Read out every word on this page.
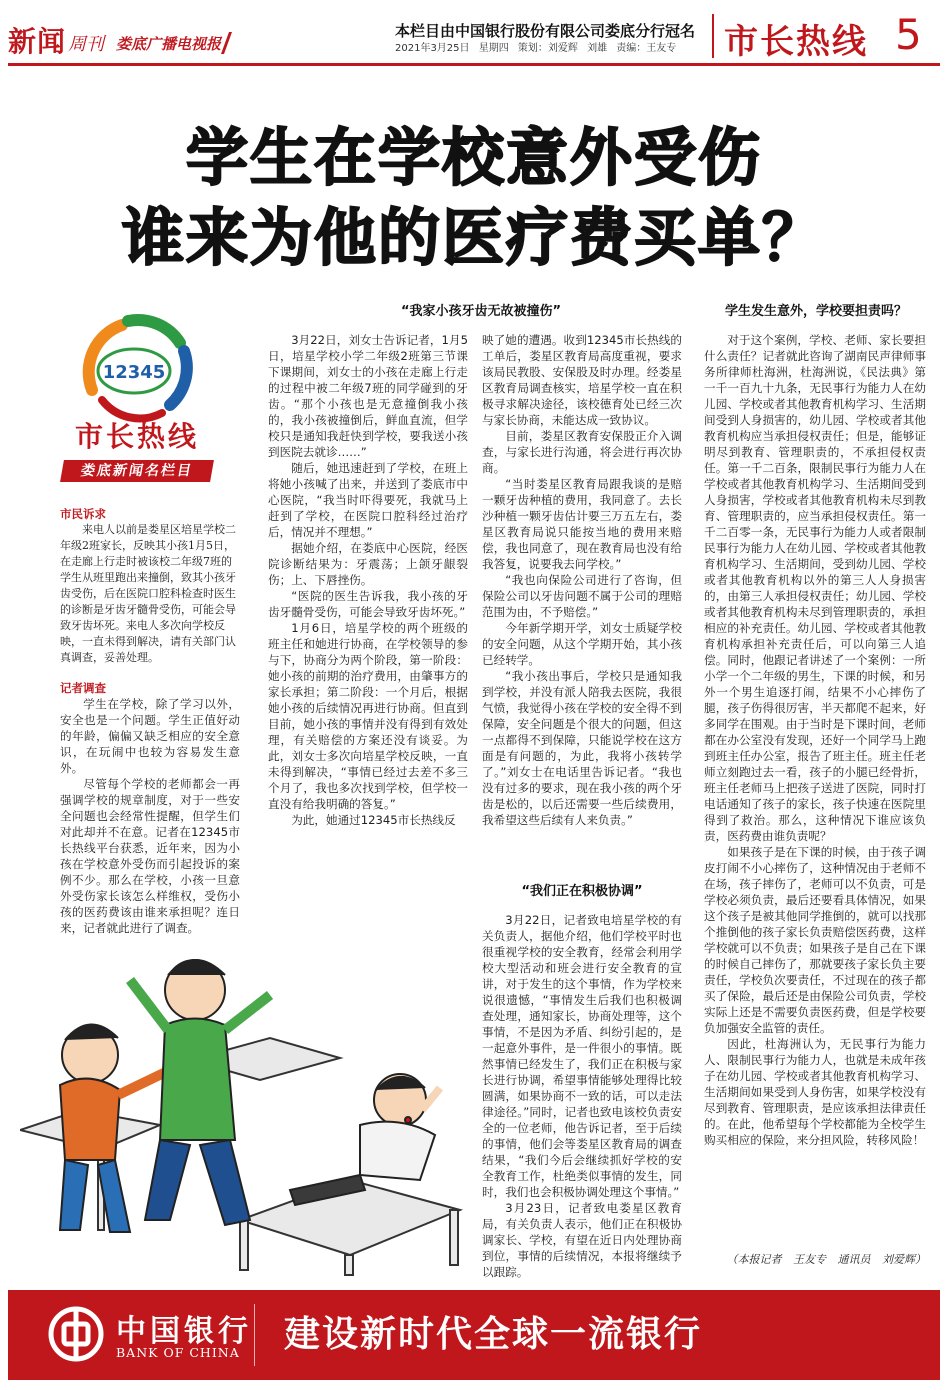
新闻 周刊 娄底广播电视报
本栏目由中国银行股份有限公司娄底分行冠名
2021年3月25日 星期四 策划：刘爱辉 刘雄 责编：王友专 市长热线 5
学生在学校意外受伤
谁来为他的医疗费买单？
12345
市长热线
娄底新闻名栏目
市民诉求

来电人以前是娄星区培星学校二年级2班家长，反映其小孩1月5日，在走廊上行走时被该校二年级7班的学生从班里跑出来撞倒，致其小孩牙齿受伤，后在医院口腔科检查时医生的诊断是牙齿牙髓骨受伤，可能会导致牙齿坏死。来电人多次向学校反映，一直未得到解决，请有关部门认真调查，妥善处理。

记者调查

学生在学校，除了学习以外，安全也是一个问题。学生正值好动的年龄，偏偏又缺乏相应的安全意识，在玩闹中也较为容易发生意外。

尽管每个学校的老师都会一再强调学校的规章制度，对于一些安全问题也会经常性提醒，但学生们对此却并不在意。记者在12345市长热线平台获悉，近年来，因为小孩在学校意外受伤而引起投诉的案例不少。那么在学校，小孩一旦意外受伤家长该怎么样维权，受伤小孩的医药费该由谁来承担呢？连日来，记者就此进行了调查。

“我家小孩牙齿无故被撞伤”

3月22日，刘女士告诉记者，1月5日，培星学校小学二年级2班第三节课下课期间，刘女士的小孩在走廊上行走的过程中被二年级7班的同学碰到的牙齿。“那个小孩也是无意撞倒我小孩的，我小孩被撞倒后，鲜血直流，但学校只是通知我赶快到学校，要我送小孩到医院去就诊……”

随后，她迅速赶到了学校，在班上将她小孩喊了出来，并送到了娄底市中心医院，“我当时吓得要死，我就马上赶到了学校，在医院口腔科经过治疗后，情况并不理想。”

据她介绍，在娄底中心医院，经医院诊断结果为：牙震荡；上颌牙龈裂伤；上、下唇挫伤。

“医院的医生告诉我，我小孩的牙齿牙髓骨受伤，可能会导致牙齿坏死。”

1月6日，培星学校的两个班级的班主任和她进行协商，在学校领导的参与下，协商分为两个阶段，第一阶段：她小孩的前期的治疗费用，由肇事方的家长承担；第二阶段：一个月后，根据她小孩的后续情况再进行协商。但直到目前，她小孩的事情并没有得到有效处理，有关赔偿的方案还没有谈妥。为此，刘女士多次向培星学校反映，一直未得到解决，“事情已经过去差不多三个月了，我也多次找到学校，但学校一直没有给我明确的答复。”

为此，她通过12345市长热线反

映了她的遭遇。收到12345市长热线的工单后，娄星区教育局高度重视，要求该局民教股、安保股及时办理。经娄星区教育局调查核实，培星学校一直在积极寻求解决途径，该校德育处已经三次与家长协商，未能达成一致协议。

目前，娄星区教育安保股正介入调查，与家长进行沟通，将会进行再次协商。

“当时娄星区教育局跟我谈的是赔一颗牙齿种植的费用，我同意了。去长沙种植一颗牙齿估计要三万五左右，娄星区教育局说只能按当地的费用来赔偿，我也同意了，现在教育局也没有给我答复，说要我去问学校。”

“我也向保险公司进行了咨询，但保险公司以牙齿问题不属于公司的理赔范围为由，不予赔偿。”

今年新学期开学，刘女士质疑学校的安全问题，从这个学期开始，其小孩已经转学。

“我小孩出事后，学校只是通知我到学校，并没有派人陪我去医院，我很气愤，我觉得小孩在学校的安全得不到保障，安全问题是个很大的问题，但这一点都得不到保障，只能说学校在这方面是有问题的，为此，我将小孩转学了。”刘女士在电话里告诉记者。“我也没有过多的要求，现在我小孩的两个牙齿是松的，以后还需要一些后续费用，我希望这些后续有人来负责。”

“我们正在积极协调”

3月22日，记者致电培星学校的有关负责人，据他介绍，他们学校平时也很重视学校的安全教育，经常会利用学校大型活动和班会进行安全教育的宣讲，对于发生的这个事情，作为学校来说很遗憾，“事情发生后我们也积极调查处理，通知家长，协商处理等，这个事情，不是因为矛盾、纠纷引起的，是一起意外事件，是一件很小的事情。既然事情已经发生了，我们正在积极与家长进行协调，希望事情能够处理得比较圆满，如果协商不一致的话，可以走法律途径。”同时，记者也致电该校负责安全的一位老师，他告诉记者，至于后续的事情，他们会等娄星区教育局的调查结果，“我们今后会继续抓好学校的安全教育工作，杜绝类似事情的发生，同时，我们也会积极协调处理这个事情。”

3月23日，记者致电娄星区教育局，有关负责人表示，他们正在积极协调家长、学校，有望在近日内处理协商到位，事情的后续情况，本报将继续予以跟踪。

学生发生意外，学校要担责吗？

对于这个案例，学校、老师、家长要担什么责任？记者就此咨询了湖南民声律师事务所律师杜海洲，杜海洲说，《民法典》第一千一百九十九条，无民事行为能力人在幼儿园、学校或者其他教育机构学习、生活期间受到人身损害的，幼儿园、学校或者其他教育机构应当承担侵权责任；但是，能够证明尽到教育、管理职责的，不承担侵权责任。第一千二百条，限制民事行为能力人在学校或者其他教育机构学习、生活期间受到人身损害，学校或者其他教育机构未尽到教育、管理职责的，应当承担侵权责任。第一千二百零一条，无民事行为能力人或者限制民事行为能力人在幼儿园、学校或者其他教育机构学习、生活期间，受到幼儿园、学校或者其他教育机构以外的第三人人身损害的，由第三人承担侵权责任；幼儿园、学校或者其他教育机构未尽到管理职责的，承担相应的补充责任。幼儿园、学校或者其他教育机构承担补充责任后，可以向第三人追偿。同时，他跟记者讲述了一个案例：一所小学一个二年级的男生，下课的时候，和另外一个男生追逐打闹，结果不小心摔伤了腿，孩子伤得很厉害，半天都爬不起来，好多同学在围观。由于当时是下课时间，老师都在办公室没有发现，还好一个同学马上跑到班主任办公室，报告了班主任。班主任老师立刻跑过去一看，孩子的小腿已经骨折，班主任老师马上把孩子送进了医院，同时打电话通知了孩子的家长，孩子快速在医院里得到了救治。那么，这种情况下谁应该负责，医药费由谁负责呢？

如果孩子是在下课的时候，由于孩子调皮打闹不小心摔伤了，这种情况由于老师不在场，孩子摔伤了，老师可以不负责，可是学校必须负责，最后还要看具体情况，如果这个孩子是被其他同学推倒的，就可以找那个推倒他的孩子家长负责赔偿医药费，这样学校就可以不负责；如果孩子是自己在下课的时候自己摔伤了，那就要孩子家长负主要责任，学校负次要责任，不过现在的孩子都买了保险，最后还是由保险公司负责，学校实际上还是不需要负责医药费，但是学校要负加强安全监管的责任。

因此，杜海洲认为，无民事行为能力人、限制民事行为能力人，也就是未成年孩子在幼儿园、学校或者其他教育机构学习、生活期间如果受到人身伤害，如果学校没有尽到教育、管理职责，是应该承担法律责任的。在此，他希望每个学校都能为全校学生购买相应的保险，来分担风险，转移风险！

（本报记者 王友专 通讯员 刘爱辉）
中国银行
BANK OF CHINA 建设新时代全球一流银行
